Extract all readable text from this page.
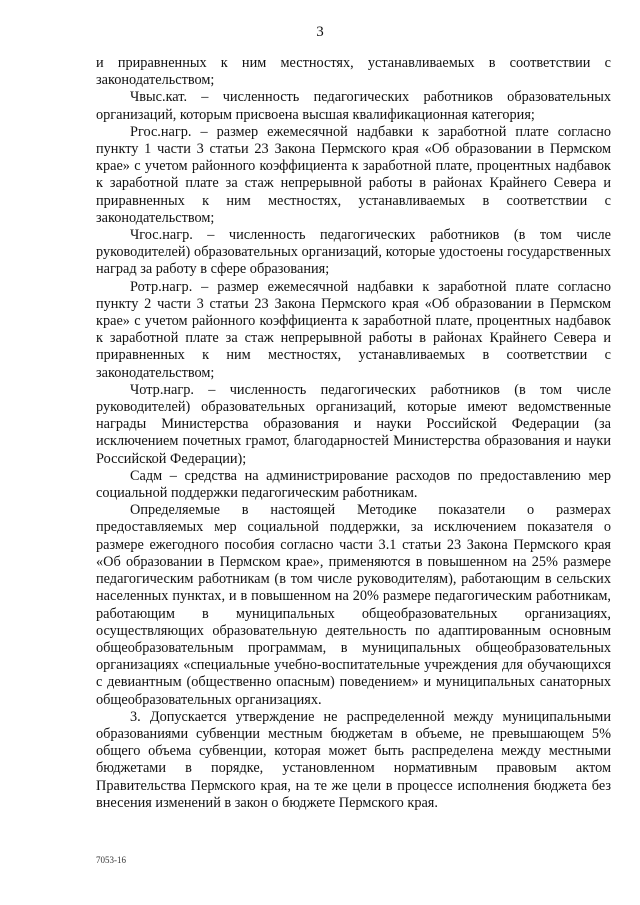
3

и приравненных к ним местностях, устанавливаемых в соответствии с законодательством;

Чвыс.кат. – численность педагогических работников образовательных организаций, которым присвоена высшая квалификационная категория;

Ргос.нагр. – размер ежемесячной надбавки к заработной плате согласно пункту 1 части 3 статьи 23 Закона Пермского края «Об образовании в Пермском крае» с учетом районного коэффициента к заработной плате, процентных надбавок к заработной плате за стаж непрерывной работы в районах Крайнего Севера и приравненных к ним местностях, устанавливаемых в соответствии с законодательством;

Чгос.нагр. – численность педагогических работников (в том числе руководителей) образовательных организаций, которые удостоены государственных наград за работу в сфере образования;

Ротр.нагр. – размер ежемесячной надбавки к заработной плате согласно пункту 2 части 3 статьи 23 Закона Пермского края «Об образовании в Пермском крае» с учетом районного коэффициента к заработной плате, процентных надбавок к заработной плате за стаж непрерывной работы в районах Крайнего Севера и приравненных к ним местностях, устанавливаемых в соответствии с законодательством;

Чотр.нагр. – численность педагогических работников (в том числе руководителей) образовательных организаций, которые имеют ведомственные награды Министерства образования и науки Российской Федерации (за исключением почетных грамот, благодарностей Министерства образования и науки Российской Федерации);

Садм – средства на администрирование расходов по предоставлению мер социальной поддержки педагогическим работникам.

Определяемые в настоящей Методике показатели о размерах предоставляемых мер социальной поддержки, за исключением показателя о размере ежегодного пособия согласно части 3.1 статьи 23 Закона Пермского края «Об образовании в Пермском крае», применяются в повышенном на 25% размере педагогическим работникам (в том числе руководителям), работающим в сельских населенных пунктах, и в повышенном на 20% размере педагогическим работникам, работающим в муниципальных общеобразовательных организациях, осуществляющих образовательную деятельность по адаптированным основным общеобразовательным программам, в муниципальных общеобразовательных организациях «специальные учебно-воспитательные учреждения для обучающихся с девиантным (общественно опасным) поведением» и муниципальных санаторных общеобразовательных организациях.

3. Допускается утверждение не распределенной между муниципальными образованиями субвенции местным бюджетам в объеме, не превышающем 5% общего объема субвенции, которая может быть распределена между местными бюджетами в порядке, установленном нормативным правовым актом Правительства Пермского края, на те же цели в процессе исполнения бюджета без внесения изменений в закон о бюджете Пермского края.

7053-16
